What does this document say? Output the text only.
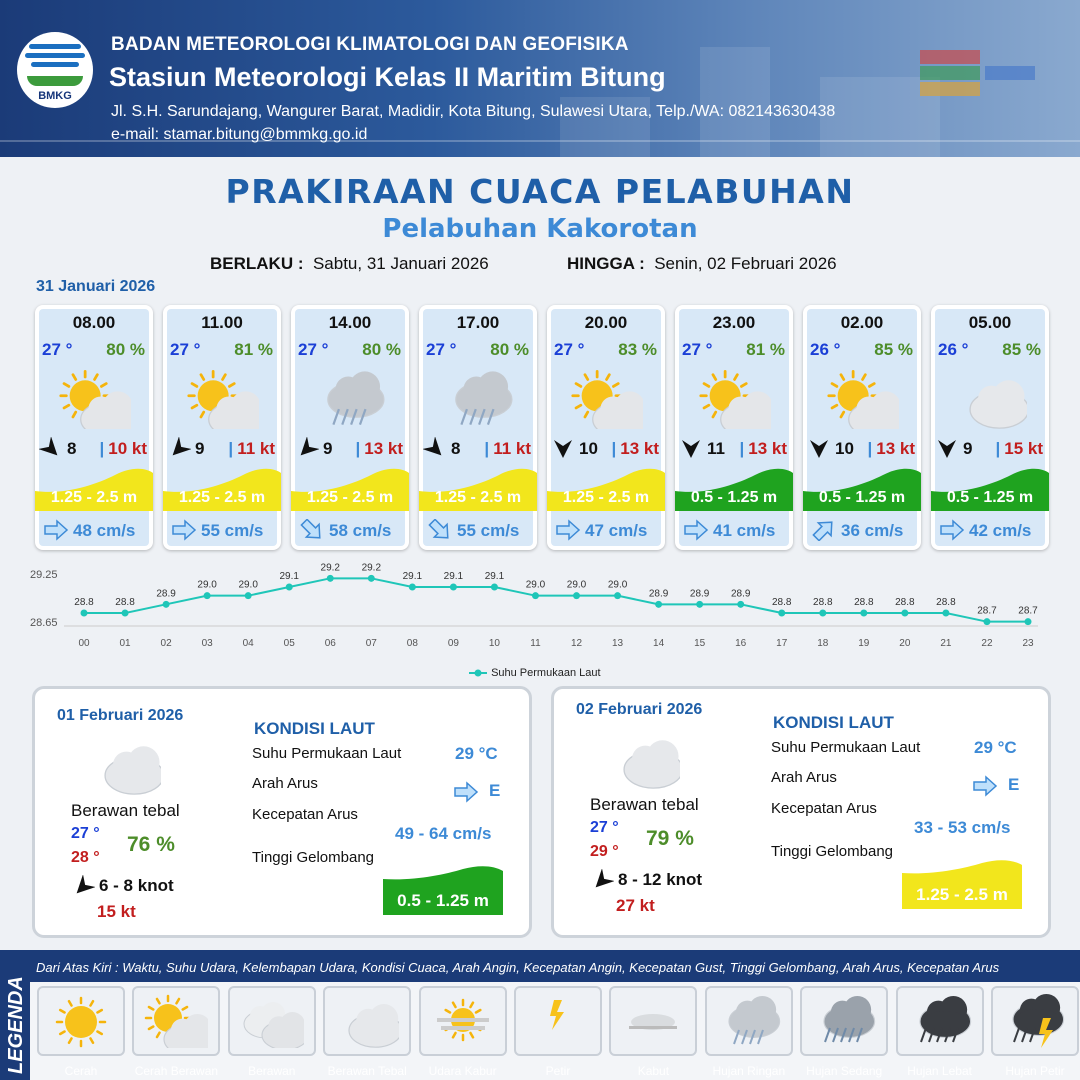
BMKG
BADAN METEOROLOGI KLIMATOLOGI DAN GEOFISIKA
Stasiun Meteorologi Kelas II Maritim Bitung
Jl. S.H. Sarundajang, Wangurer Barat, Madidir, Kota Bitung, Sulawesi Utara, Telp./WA: 082143630438
e-mail: stamar.bitung@bmmkg.go.id
PRAKIRAAN CUACA PELABUHAN
Pelabuhan Kakorotan
BERLAKU : Sabtu, 31 Januari 2026	HINGGA : Senin, 02 Februari 2026
31 Januari 2026
08.00
27 ° 80 %
8 | 10 kt
1.25 - 2.5 m
48 cm/s
11.00
27 ° 81 %
9 | 11 kt
1.25 - 2.5 m
55 cm/s
14.00
27 ° 80 %
9 | 13 kt
1.25 - 2.5 m
58 cm/s
17.00
27 ° 80 %
8 | 11 kt
1.25 - 2.5 m
55 cm/s
20.00
27 ° 83 %
10 | 13 kt
1.25 - 2.5 m
47 cm/s
23.00
27 ° 81 %
11 | 13 kt
0.5 - 1.25 m
41 cm/s
02.00
26 ° 85 %
10 | 13 kt
0.5 - 1.25 m
36 cm/s
05.00
26 ° 85 %
9 | 15 kt
0.5 - 1.25 m
42 cm/s
29.25
28.65
28.8
00
28.8
01
28.9
02
29.0
03
29.0
04
29.1
05
29.2
06
29.2
07
29.1
08
29.1
09
29.1
10
29.0
11
29.0
12
29.0
13
28.9
14
28.9
15
28.9
16
28.8
17
28.8
18
28.8
19
28.8
20
28.8
21
28.7
22
28.7
23
Suhu Permukaan Laut
01 Februari 2026
Berawan tebal
27 °
28 °
76 %
6 - 8 knot
15 kt
KONDISI LAUT
Suhu Permukaan Laut	29 °C
Arah Arus	E
Kecepatan Arus
49 - 64 cm/s
Tinggi Gelombang
0.5 - 1.25 m
02 Februari 2026
Berawan tebal
27 °
29 °
79 %
8 - 12 knot
27 kt
KONDISI LAUT
Suhu Permukaan Laut	29 °C
Arah Arus	E
Kecepatan Arus
33 - 53 cm/s
Tinggi Gelombang
1.25 - 2.5 m
LEGENDA
Dari Atas Kiri : Waktu, Suhu Udara, Kelembapan Udara, Kondisi Cuaca, Arah Angin, Kecepatan Angin, Kecepatan Gust, Tinggi Gelombang, Arah Arus, Kecepatan Arus
Cerah	Cerah Berawan	Berawan	Berawan Tebal	Udara Kabur	Petir	Kabut	Hujan Ringan	Hujan Sedang	Hujan Lebat	Hujan Petir
